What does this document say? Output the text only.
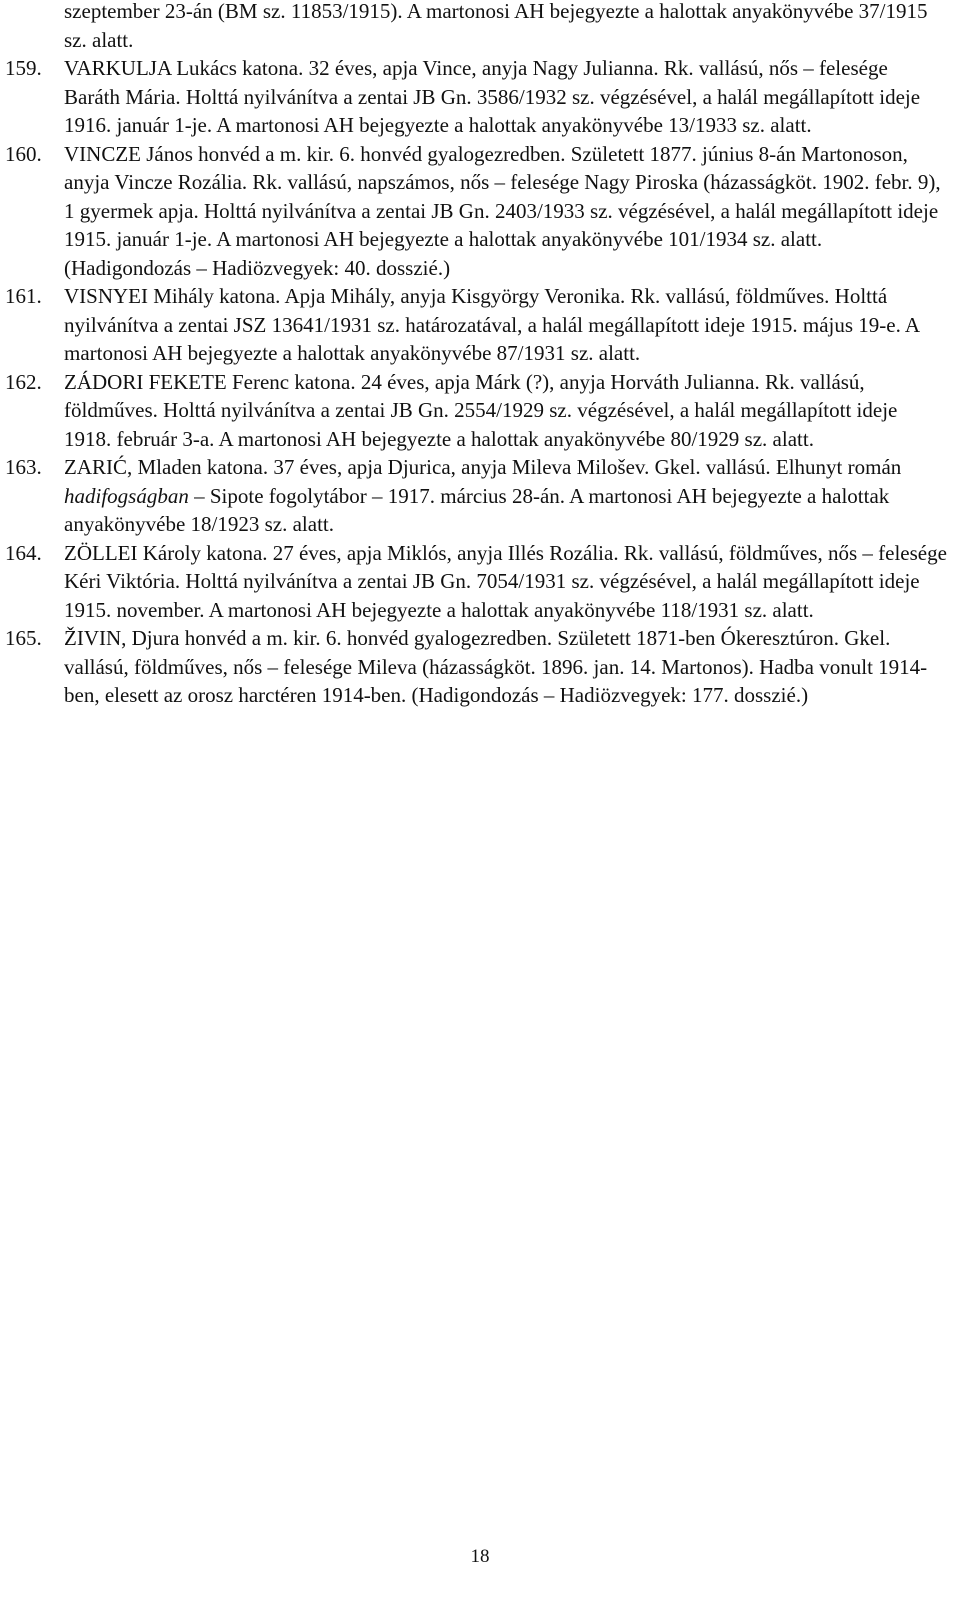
szeptember 23-án (BM sz. 11853/1915). A martonosi AH bejegyezte a halottak anyakönyvébe 37/1915 sz. alatt.

159.	VARKULJA Lukács katona. 32 éves, apja Vince, anyja Nagy Julianna. Rk. vallású, nős – felesége Baráth Mária. Holttá nyilvánítva a zentai JB Gn. 3586/1932 sz. végzésével, a halál megállapított ideje 1916. január 1-je. A martonosi AH bejegyezte a halottak anyakönyvébe 13/1933 sz. alatt.
160.	VINCZE János honvéd a m. kir. 6. honvéd gyalogezredben. Született 1877. június 8-án Martonoson, anyja Vincze Rozália. Rk. vallású, napszámos, nős – felesége Nagy Piroska (házasságköt. 1902. febr. 9), 1 gyermek apja. Holttá nyilvánítva a zentai JB Gn. 2403/1933 sz. végzésével, a halál megállapított ideje 1915. január 1-je. A martonosi AH bejegyezte a halottak anyakönyvébe 101/1934 sz. alatt. (Hadigondozás – Hadiözvegyek: 40. dosszié.)
161.	VISNYEI Mihály katona. Apja Mihály, anyja Kisgyörgy Veronika. Rk. vallású, földműves. Holttá nyilvánítva a zentai JSZ 13641/1931 sz. határozatával, a halál megállapított ideje 1915. május 19-e. A martonosi AH bejegyezte a halottak anyakönyvébe 87/1931 sz. alatt.
162.	ZÁDORI FEKETE Ferenc katona. 24 éves, apja Márk (?), anyja Horváth Julianna. Rk. vallású, földműves. Holttá nyilvánítva a zentai JB Gn. 2554/1929 sz. végzésével, a halál megállapított ideje 1918. február 3-a. A martonosi AH bejegyezte a halottak anyakönyvébe 80/1929 sz. alatt.
163.	ZARIĆ, Mladen katona. 37 éves, apja Djurica, anyja Mileva Milošev. Gkel. vallású. Elhunyt román hadifogságban – Sipote fogolytábor – 1917. március 28-án. A martonosi AH bejegyezte a halottak anyakönyvébe 18/1923 sz. alatt.
164.	ZÖLLEI Károly katona. 27 éves, apja Miklós, anyja Illés Rozália. Rk. vallású, földműves, nős – felesége Kéri Viktória. Holttá nyilvánítva a zentai JB Gn. 7054/1931 sz. végzésével, a halál megállapított ideje 1915. november. A martonosi AH bejegyezte a halottak anyakönyvébe 118/1931 sz. alatt.
165.	ŽIVIN, Djura honvéd a m. kir. 6. honvéd gyalogezredben. Született 1871-ben Ókeresztúron. Gkel. vallású, földműves, nős – felesége Mileva (házasságköt. 1896. jan. 14. Martonos). Hadba vonult 1914-ben, elesett az orosz harctéren 1914-ben. (Hadigondozás – Hadiözvegyek: 177. dosszié.)
18
